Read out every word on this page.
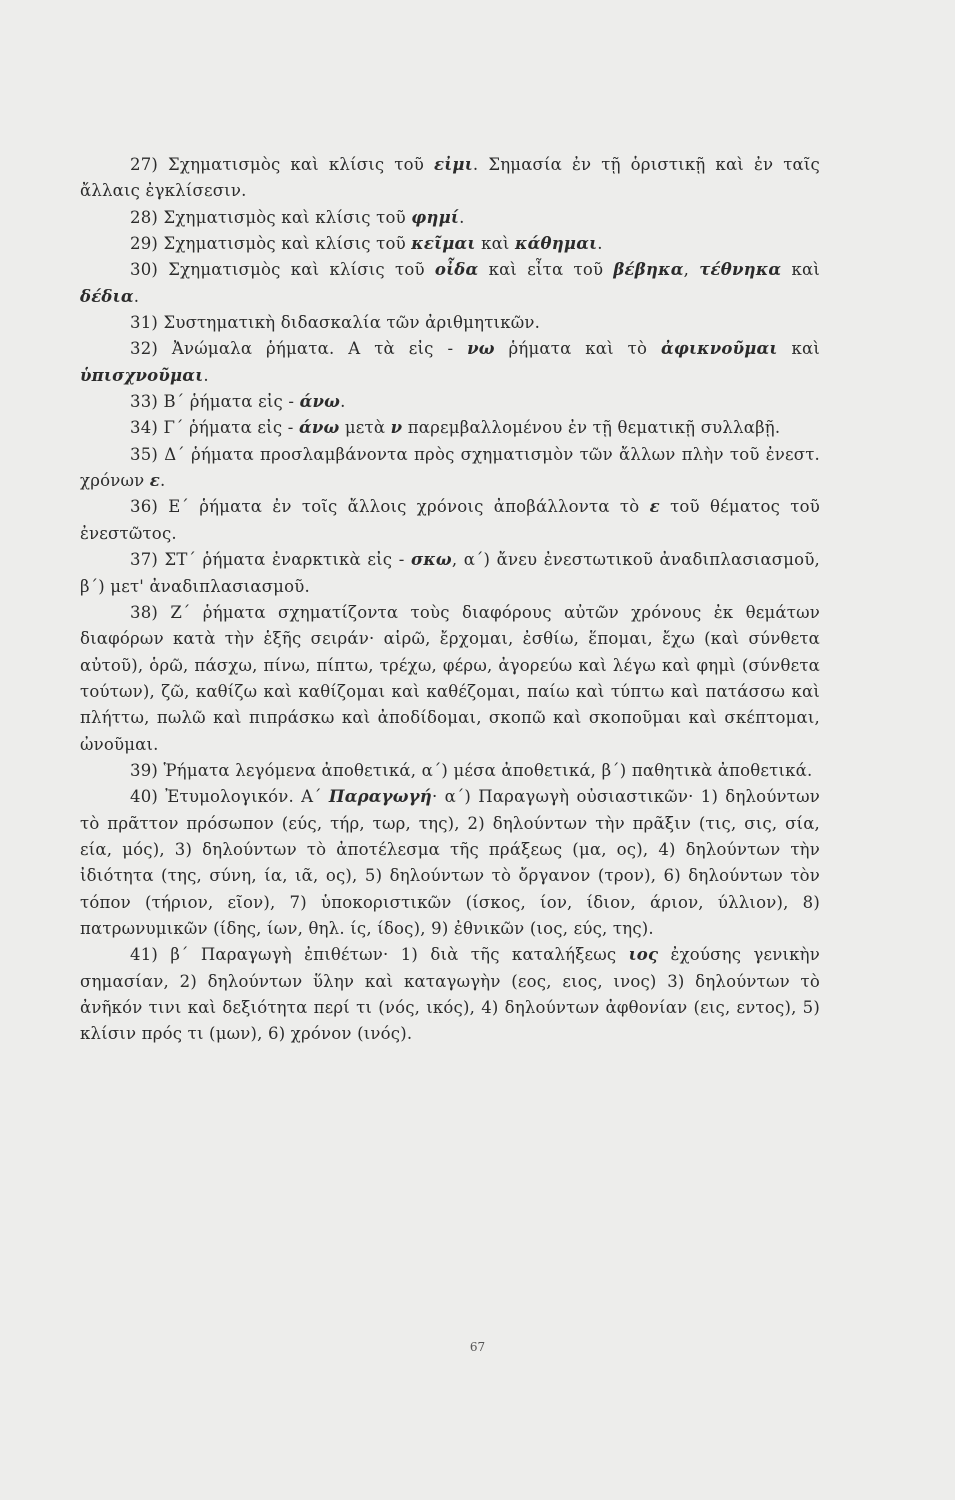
27) Σχηματισμὸς καὶ κλίσις τοῦ εἰμι. Σημασία ἐν τῇ ὁριστικῇ καὶ ἐν ταῖς ἄλλαις ἐγκλίσεσιν.

28) Σχηματισμὸς καὶ κλίσις τοῦ φημί.

29) Σχηματισμὸς καὶ κλίσις τοῦ κεῖμαι καὶ κάθημαι.

30) Σχηματισμὸς καὶ κλίσις τοῦ οἶδα καὶ εἶτα τοῦ βέβηκα, τέθνηκα καὶ δέδια.

31) Συστηματικὴ διδασκαλία τῶν ἀριθμητικῶν.

32) Ἀνώμαλα ῥήματα. Α τὰ εἰς - νω ῥήματα καὶ τὸ ἀφικνοῦμαι καὶ ὑπισχνοῦμαι.

33) Β΄ ῥήματα εἰς - άνω.

34) Γ΄ ῥήματα εἰς - άνω μετὰ ν παρεμβαλλομένου ἐν τῇ θεματικῇ συλλαβῇ.

35) Δ΄ ῥήματα προσλαμβάνοντα πρὸς σχηματισμὸν τῶν ἄλλων πλὴν τοῦ ἐνεστ. χρόνων ε.

36) Ε΄ ῥήματα ἐν τοῖς ἄλλοις χρόνοις ἀποβάλλοντα τὸ ε τοῦ θέματος τοῦ ἐνεστῶτος.

37) ΣΤ΄ ῥήματα ἐναρκτικὰ εἰς - σκω, α΄) ἄνευ ἐνεστωτικοῦ ἀναδιπλασιασμοῦ, β΄) μετ' ἀναδιπλασιασμοῦ.

38) Ζ΄ ῥήματα σχηματίζοντα τοὺς διαφόρους αὐτῶν χρόνους ἐκ θεμάτων διαφόρων κατὰ τὴν ἑξῆς σειράν· αἱρῶ, ἔρχομαι, ἐσθίω, ἕπομαι, ἔχω (καὶ σύνθετα αὐτοῦ), ὁρῶ, πάσχω, πίνω, πίπτω, τρέχω, φέρω, ἀγορεύω καὶ λέγω καὶ φημὶ (σύνθετα τούτων), ζῶ, καθίζω καὶ καθίζομαι καὶ καθέζομαι, παίω καὶ τύπτω καὶ πατάσσω καὶ πλήττω, πωλῶ καὶ πιπράσκω καὶ ἀποδίδομαι, σκοπῶ καὶ σκοποῦμαι καὶ σκέπτομαι, ὠνοῦμαι.

39) Ῥήματα λεγόμενα ἀποθετικά, α΄) μέσα ἀποθετικά, β΄) παθητικὰ ἀποθετικά.

40) Ἐτυμολογικόν. Α΄ Παραγωγή· α΄) Παραγωγὴ οὐσιαστικῶν· 1) δηλούντων τὸ πρᾶττον πρόσωπον (εύς, τήρ, τωρ, της), 2) δηλούντων τὴν πρᾶξιν (τις, σις, σία, εία, μός), 3) δηλούντων τὸ ἀποτέλεσμα τῆς πράξεως (μα, ος), 4) δηλούντων τὴν ἰδιότητα (της, σύνη, ία, ιᾶ, ος), 5) δηλούντων τὸ ὄργανον (τρον), 6) δηλούντων τὸν τόπον (τήριον, εῖον), 7) ὑποκοριστικῶν (ίσκος, ίον, ίδιον, άριον, ύλλιον), 8) πατρωνυμικῶν (ίδης, ίων, θηλ. ίς, ίδος), 9) ἐθνικῶν (ιος, εύς, της).

41) β΄ Παραγωγὴ ἐπιθέτων· 1) διὰ τῆς καταλήξεως ιος ἐχούσης γενικὴν σημασίαν, 2) δηλούντων ὕλην καὶ καταγωγὴν (εος, ειος, ινος) 3) δηλούντων τὸ ἀνῆκόν τινι καὶ δεξιότητα περί τι (νός, ικός), 4) δηλούντων ἀφθονίαν (εις, εντος), 5) κλίσιν πρός τι (μων), 6) χρόνον (ινός).

67
